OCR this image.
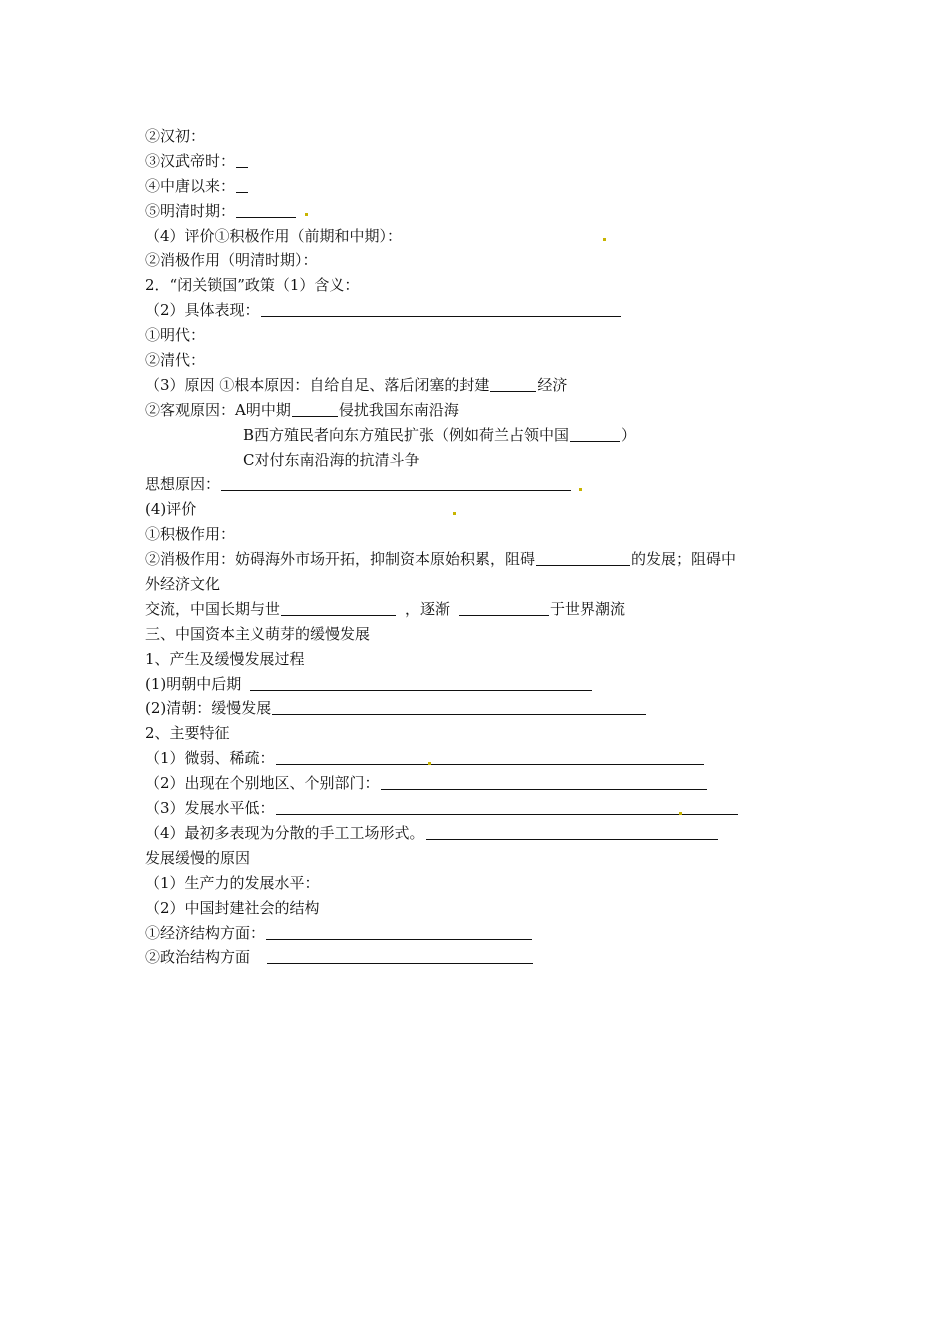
②汉初：
③汉武帝时：
④中唐以来：
⑤明清时期：
（4）评价①积极作用（前期和中期）：
②消极作用（明清时期）：
2．“闭关锁国”政策（1）含义：
（2）具体表现：
①明代：
②清代：
（3）原因 ①根本原因：自给自足、落后闭塞的封建	经济
②客观原因：A明中期	侵扰我国东南沿海
B西方殖民者向东方殖民扩张（例如荷兰占领中国	）
C对付东南沿海的抗清斗争
思想原因：
(4)评价
①积极作用：
②消极作用：妨碍海外市场开拓，抑制资本原始积累，阻碍	的发展；阻碍中
外经济文化
交流，中国长期与世	，逐渐	于世界潮流
三、中国资本主义萌芽的缓慢发展
1、产生及缓慢发展过程
(1)明朝中后期
(2)清朝：缓慢发展
2、主要特征
（1）微弱、稀疏：
（2）出现在个别地区、个别部门：
（3）发展水平低：
（4）最初多表现为分散的手工工场形式。
发展缓慢的原因
（1）生产力的发展水平：
（2）中国封建社会的结构
①经济结构方面：
②政治结构方面
